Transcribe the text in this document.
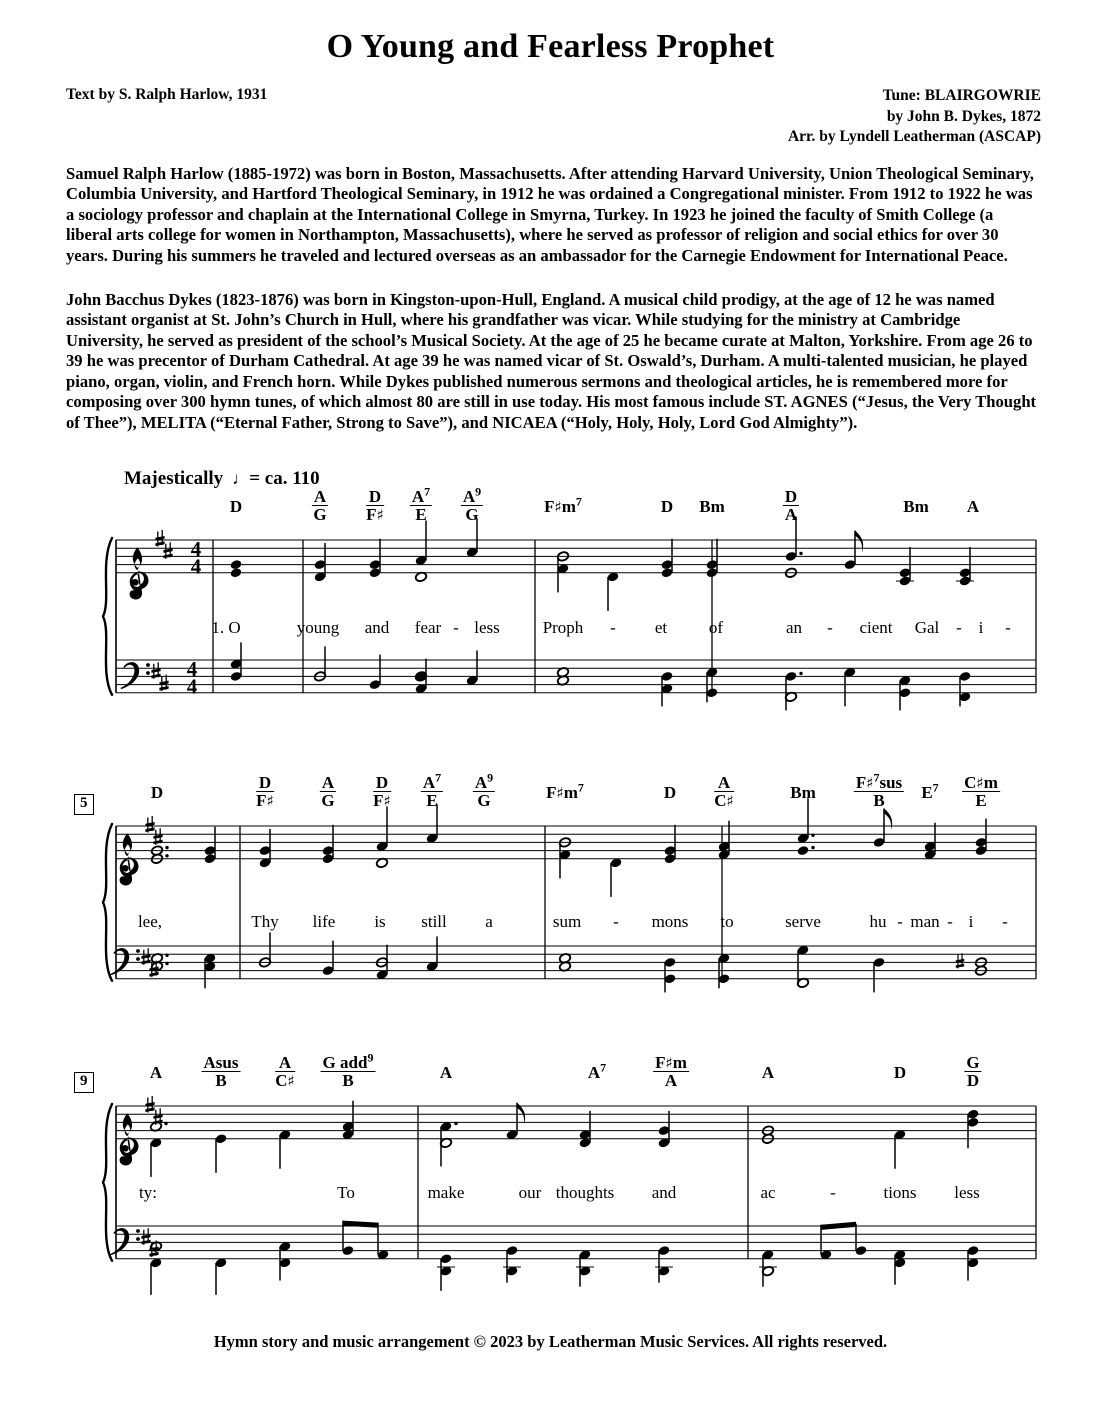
O Young and Fearless Prophet
Text by S. Ralph Harlow, 1931	Tune: BLAIRGOWRIE
by John B. Dykes, 1872
Arr. by Lyndell Leatherman (ASCAP)
Samuel Ralph Harlow (1885-1972) was born in Boston, Massachusetts. After attending Harvard University, Union Theological Seminary, Columbia University, and Hartford Theological Seminary, in 1912 he was ordained a Congregational minister. From 1912 to 1922 he was a sociology professor and chaplain at the International College in Smyrna, Turkey. In 1923 he joined the faculty of Smith College (a liberal arts college for women in Northampton, Massachusetts), where he served as professor of religion and social ethics for over 30 years. During his summers he traveled and lectured overseas as an ambassador for the Carnegie Endowment for International Peace.
John Bacchus Dykes (1823-1876) was born in Kingston-upon-Hull, England. A musical child prodigy, at the age of 12 he was named assistant organist at St. John’s Church in Hull, where his grandfather was vicar. While studying for the ministry at Cambridge University, he served as president of the school’s Musical Society. At the age of 25 he became curate at Malton, Yorkshire. From age 26 to 39 he was precentor of Durham Cathedral. At age 39 he was named vicar of St. Oswald’s, Durham. A multi-talented musician, he played piano, organ, violin, and French horn. While Dykes published numerous sermons and theological articles, he is remembered more for composing over 300 hymn tunes, of which almost 80 are still in use today. His most famous include ST. AGNES (“Jesus, the Very Thought of Thee”), MELITA (“Eternal Father, Strong to Save”), and NICAEA (“Holy, Holy, Holy, Lord God Almighty”).
Majestically  ♩= ca. 110
4
4
4
4
D	$\frac{A}{G} \frac{D}{F♯} \frac{A^7}{E} \frac{A^9}{G}$	$F♯m^7$	D Bm	$\frac{D}{A}$	Bm A
1. O	young and fear - less	Proph - et of	an - cient Gal - i -
5
D	$\frac{D}{F♯}$	$\frac{A}{G} \frac{D}{F♯} \frac{A^7}{E} \frac{A^9}{G}$	$F♯m^7$	D $\frac{A}{C♯}$	Bm
F♯$^7$sus
B	$E^7 \frac{C♯m}{E}$
lee,	Thy life is still a	sum - mons to	serve	hu - man - i -
9	A
Asus
B	$\frac{A}{C♯}$ G add$^9$
B	A	$A^7$	$\frac{F♯m}{A}$	A	D	$\frac{G}{D}$
ty:	To	make	our thoughts and	ac	-	tions less
Hymn story and music arrangement © 2023 by Leatherman Music Services. All rights reserved.
